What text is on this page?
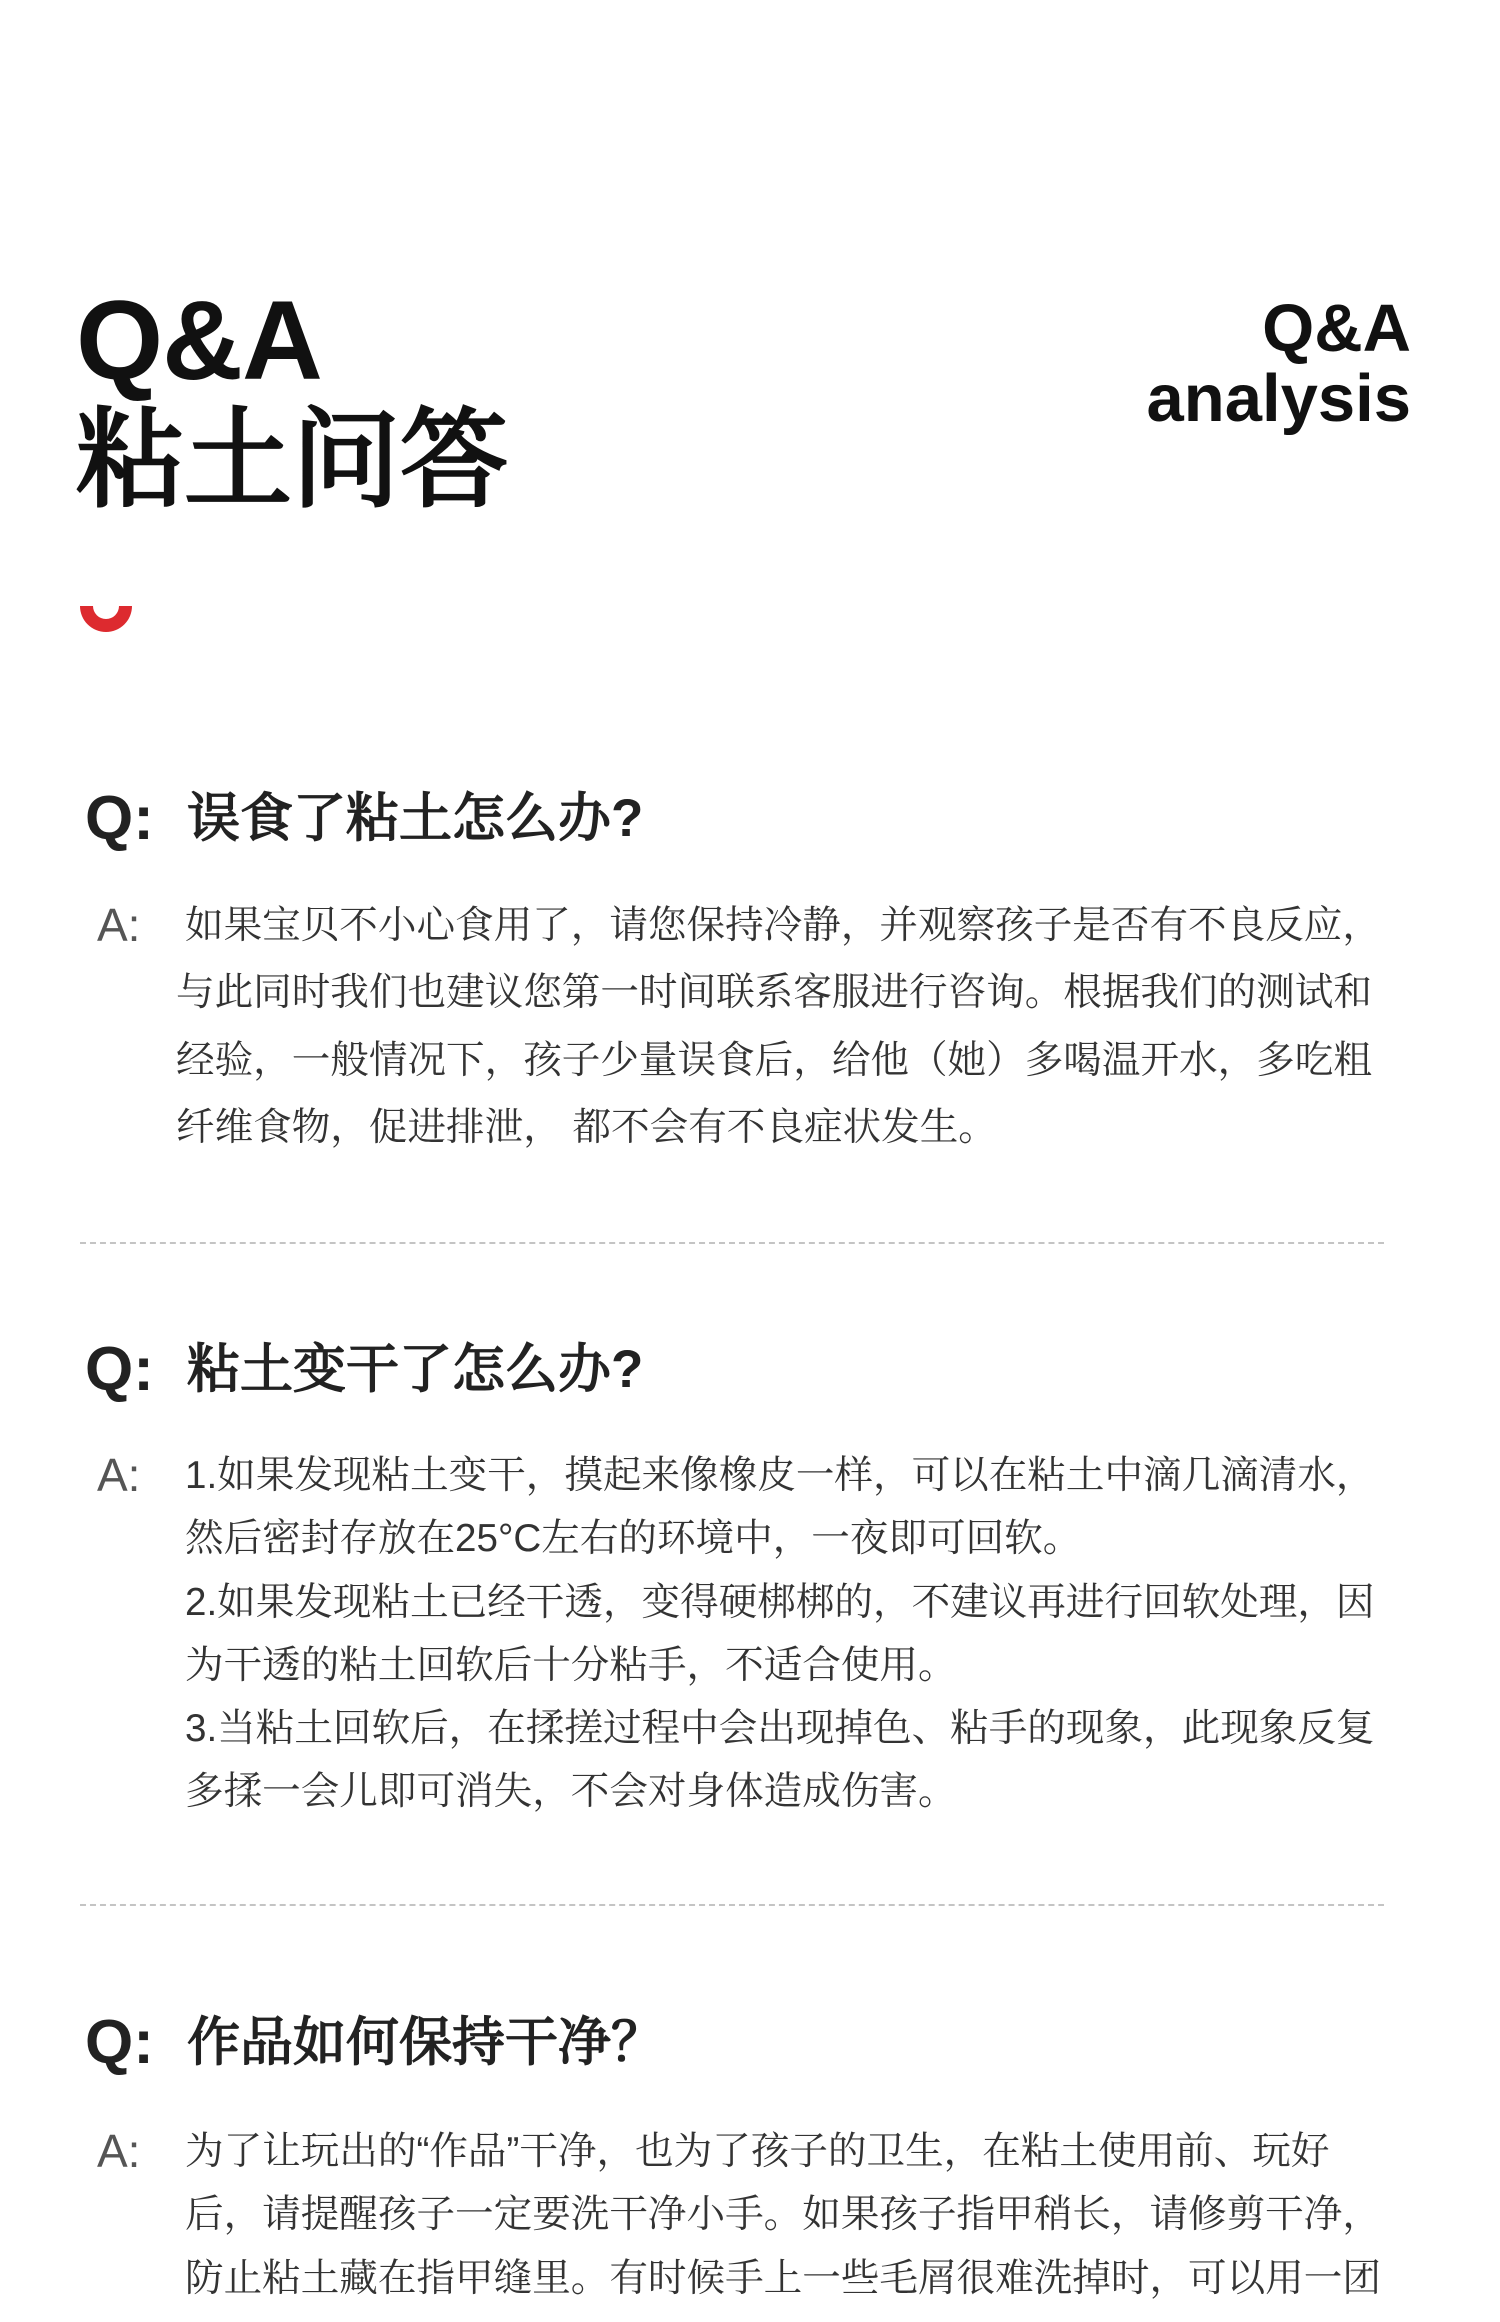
Q&A
粘土问答
Q&A
analysis
Q: 误食了粘土怎么办?
A: 如果宝贝不小心食用了，请您保持冷静，并观察孩子是否有不良反应，
与此同时我们也建议您第一时间联系客服进行咨询。根据我们的测试和
经验，一般情况下，孩子少量误食后，给他（她）多喝温开水，多吃粗
纤维食物，促进排泄， 都不会有不良症状发生。
Q: 粘土变干了怎么办?
A: 1.如果发现粘土变干，摸起来像橡皮一样，可以在粘土中滴几滴清水，
然后密封存放在25°C左右的环境中，一夜即可回软。
2.如果发现粘土已经干透，变得硬梆梆的，不建议再进行回软处理，因
为干透的粘土回软后十分粘手，不适合使用。
3.当粘土回软后，在揉搓过程中会出现掉色、粘手的现象，此现象反复
多揉一会儿即可消失，不会对身体造成伤害。
Q: 作品如何保持干净？
A: 为了让玩出的“作品”干净，也为了孩子的卫生，在粘土使用前、玩好
后，请提醒孩子一定要洗干净小手。如果孩子指甲稍长，请修剪干净，
防止粘土藏在指甲缝里。有时候手上一些毛屑很难洗掉时，可以用一团
